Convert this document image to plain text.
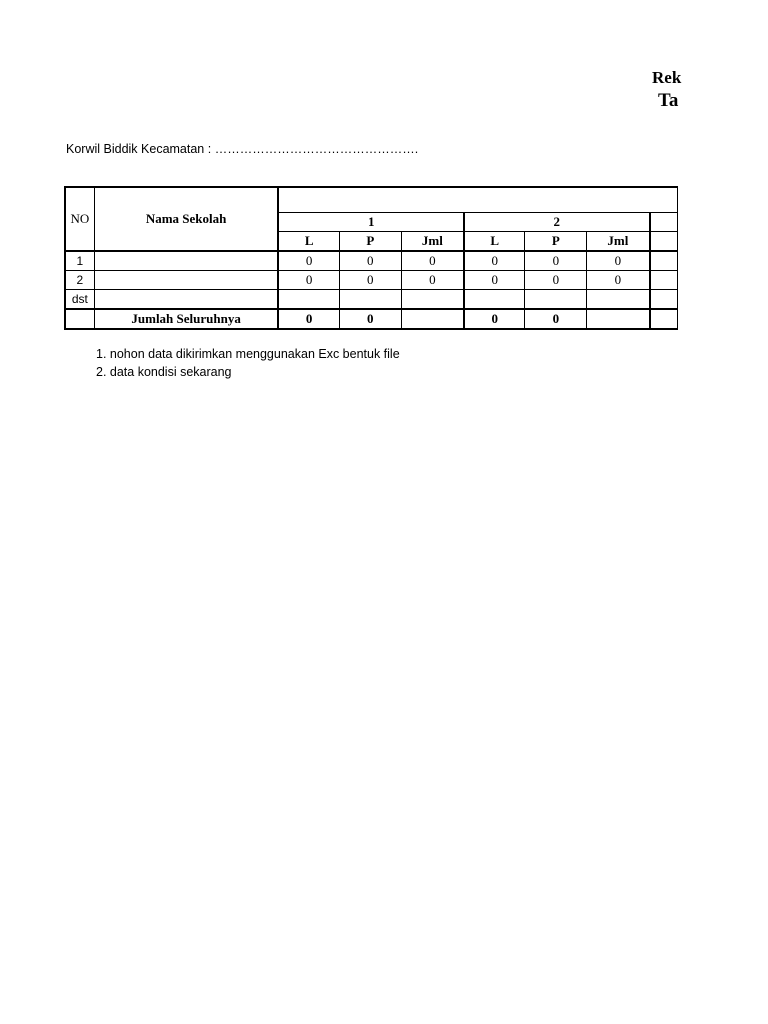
Rek
Ta
Korwil Biddik Kecamatan : ………………………………………….
NO	Nama Sekolah							
		1			2			
		L	P	Jml	L	P	Jml	
1		0	0	0	0	0	0	
2		0	0	0	0	0	0	
dst								
	Jumlah Seluruhnya	0	0		0	0		
1. nohon data dikirimkan menggunakan Exc bentuk file
2. data kondisi sekarang
